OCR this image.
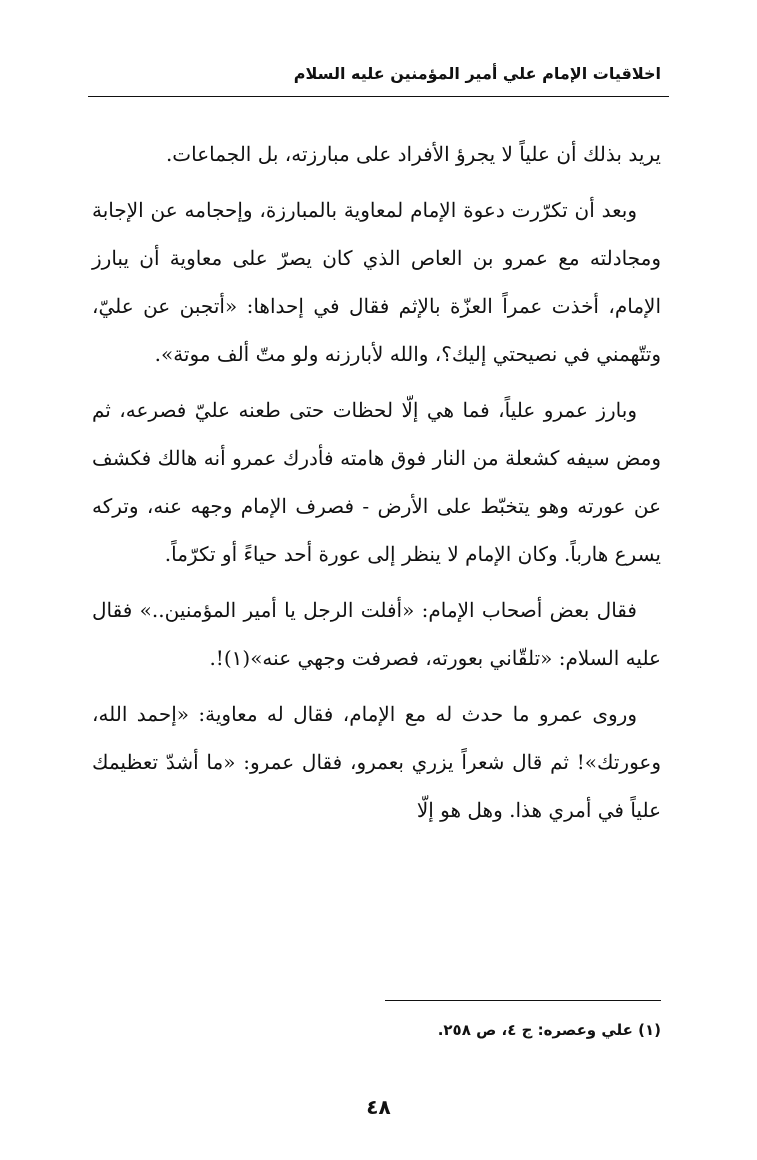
اخلاقيات الإمام علي أمير المؤمنين عليه السلام

يريد بذلك أن علياً لا يجرؤ الأفراد على مبارزته، بل الجماعات.

وبعد أن تكرّرت دعوة الإمام لمعاوية بالمبارزة، وإحجامه عن الإجابة ومجادلته مع عمرو بن العاص الذي كان يصرّ على معاوية أن يبارز الإمام، أخذت عمراً العزّة بالإثم فقال في إحداها: «أتجبن عن عليّ، وتتّهمني في نصيحتي إليك؟، والله لأبارزنه ولو متّ ألف موتة».

وبارز عمرو علياً، فما هي إلّا لحظات حتى طعنه عليّ فصرعه، ثم ومض سيفه كشعلة من النار فوق هامته فأدرك عمرو أنه هالك فكشف عن عورته وهو يتخبّط على الأرض - فصرف الإمام وجهه عنه، وتركه يسرع هارباً. وكان الإمام لا ينظر إلى عورة أحد حياءً أو تكرّماً.

فقال بعض أصحاب الإمام: «أفلت الرجل يا أمير المؤمنين..» فقال عليه السلام: «تلقّاني بعورته، فصرفت وجهي عنه»(١)!.

وروى عمرو ما حدث له مع الإمام، فقال له معاوية: «إحمد الله، وعورتك»! ثم قال شعراً يزري بعمرو، فقال عمرو: «ما أشدّ تعظيمك علياً في أمري هذا. وهل هو إلّا

(١) علي وعصره: ج ٤، ص ٢٥٨.
٤٨
